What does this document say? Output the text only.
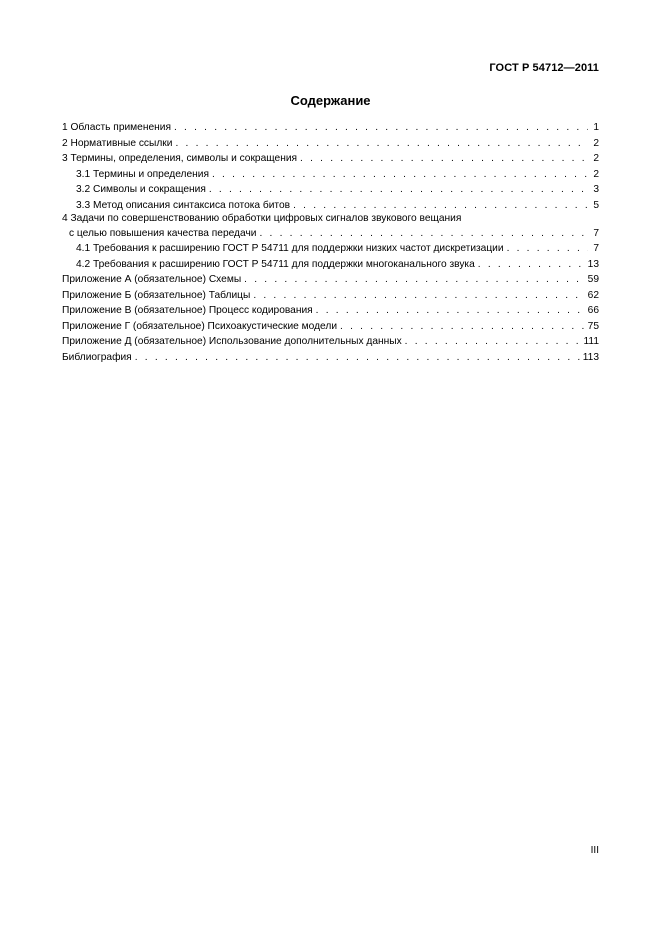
ГОСТ Р 54712—2011
Содержание
1 Область применения . . .	1
2 Нормативные ссылки . . .	2
3 Термины, определения, символы и сокращения . . .	2
3.1 Термины и определения . . .	2
3.2 Символы и сокращения . . .	3
3.3 Метод описания синтаксиса потока битов . . .	5
4 Задачи по совершенствованию обработки цифровых сигналов звукового вещания
с целью повышения качества передачи . . .	7
4.1 Требования к расширению ГОСТ Р 54711 для поддержки низких частот дискретизации . . .	7
4.2 Требования к расширению ГОСТ Р 54711 для поддержки многоканального звука . . .	13
Приложение А (обязательное) Схемы . . .	59
Приложение Б (обязательное) Таблицы . . .	62
Приложение В (обязательное) Процесс кодирования . . .	66
Приложение Г (обязательное) Психоакустические модели . . .	75
Приложение Д (обязательное) Использование дополнительных данных . . .	111
Библиография . . .	113
III
